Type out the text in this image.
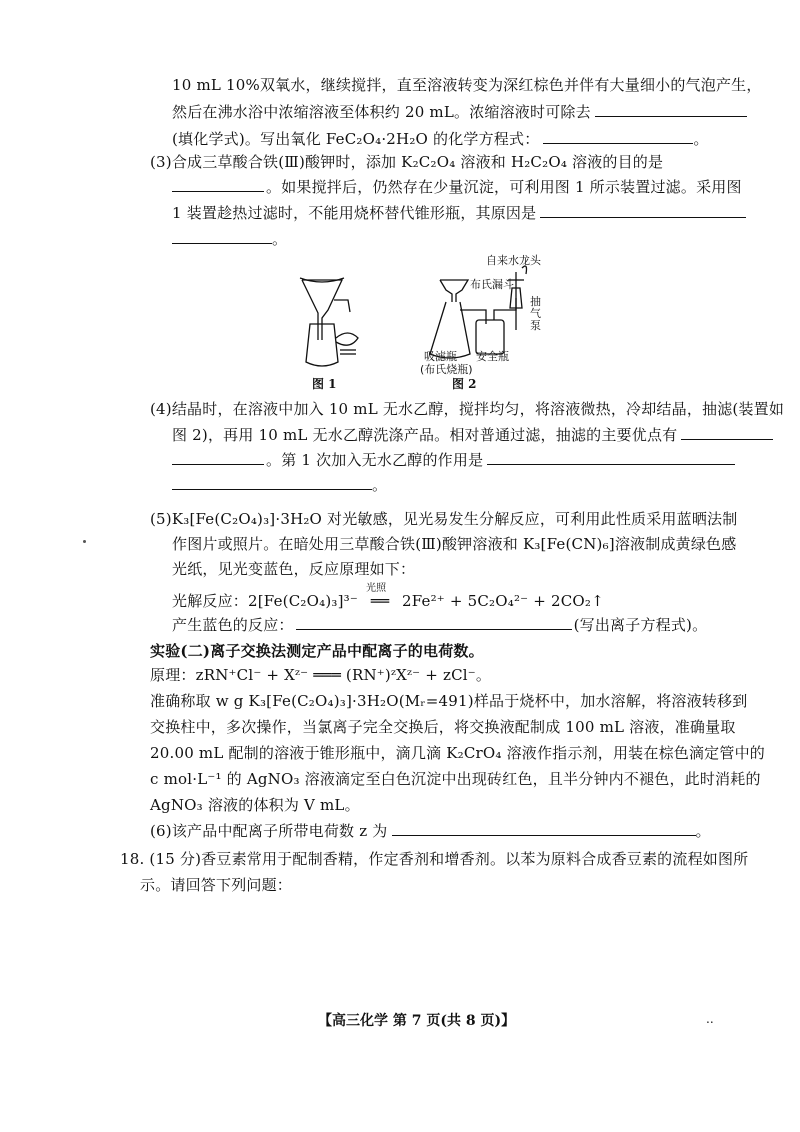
10 mL 10%双氧水，继续搅拌，直至溶液转变为深红棕色并伴有大量细小的气泡产生，
然后在沸水浴中浓缩溶液至体积约 20 mL。浓缩溶液时可除去
(填化学式)。写出氧化 FeC₂O₄·2H₂O 的化学方程式：	。
(3)合成三草酸合铁(Ⅲ)酸钾时，添加 K₂C₂O₄ 溶液和 H₂C₂O₄ 溶液的目的是
。如果搅拌后，仍然存在少量沉淀，可利用图 1 所示装置过滤。采用图
1 装置趁热过滤时，不能用烧杯替代锥形瓶，其原因是
。
自来水龙头
布氏漏斗
抽气泵
吸滤瓶 安全瓶
(布氏烧瓶)
图 1	图 2
(4)结晶时，在溶液中加入 10 mL 无水乙醇，搅拌均匀，将溶液微热，冷却结晶，抽滤(装置如
图 2)，再用 10 mL 无水乙醇洗涤产品。相对普通过滤，抽滤的主要优点有
。第 1 次加入无水乙醇的作用是
。
(5)K₃[Fe(C₂O₄)₃]·3H₂O 对光敏感，见光易发生分解反应，可利用此性质采用蓝晒法制
作图片或照片。在暗处用三草酸合铁(Ⅲ)酸钾溶液和 K₃[Fe(CN)₆]溶液制成黄绿色感
光纸，见光变蓝色，反应原理如下：
光解反应：2[Fe(C₂O₄)₃]³⁻
光照
══ 2Fe²⁺ + 5C₂O₄²⁻ + 2CO₂↑
产生蓝色的反应：	(写出离子方程式)。
实验(二)离子交换法测定产品中配离子的电荷数。
原理：zRN⁺Cl⁻ + Xᶻ⁻ ═══ (RN⁺)ᶻXᶻ⁻ + zCl⁻。
准确称取 w g K₃[Fe(C₂O₄)₃]·3H₂O(Mᵣ=491)样品于烧杯中，加水溶解，将溶液转移到
交换柱中，多次操作，当氯离子完全交换后，将交换液配制成 100 mL 溶液，准确量取
20.00 mL 配制的溶液于锥形瓶中，滴几滴 K₂CrO₄ 溶液作指示剂，用装在棕色滴定管中的
c mol·L⁻¹ 的 AgNO₃ 溶液滴定至白色沉淀中出现砖红色，且半分钟内不褪色，此时消耗的
AgNO₃ 溶液的体积为 V mL。
(6)该产品中配离子所带电荷数 z 为	。
18. (15 分)香豆素常用于配制香精，作定香剂和增香剂。以苯为原料合成香豆素的流程如图所
示。请回答下列问题：
【高三化学 第 7 页(共 8 页)】	..
